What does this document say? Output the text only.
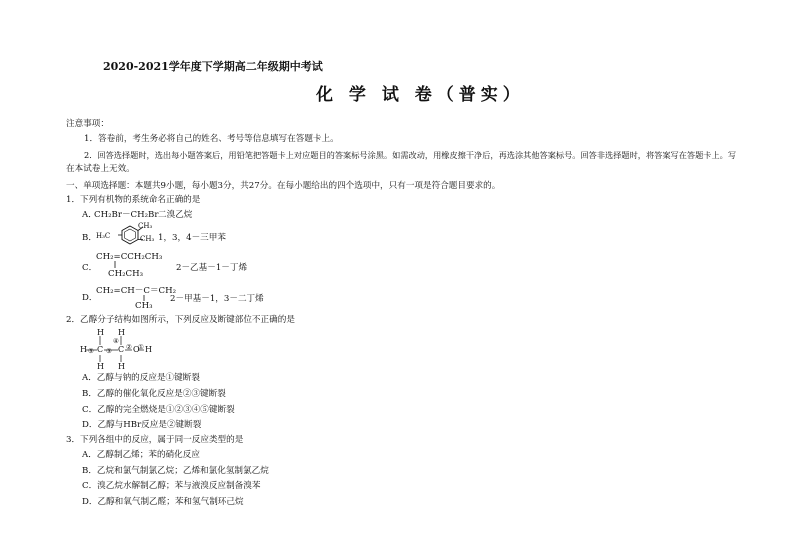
2020-2021学年度下学期高二年级期中考试
化 学 试 卷（普实）
注意事项：
1．答卷前，考生务必将自己的姓名、考号等信息填写在答题卡上。
2．回答选择题时，选出每小题答案后，用铅笔把答题卡上对应题目的答案标号涂黑。如需改动，用橡皮擦干净后，再选涂其他答案标号。回答非选择题时，将答案写在答题卡上。写
在本试卷上无效。
一、单项选择题：本题共9小题，每小题3分，共27分。在每小题给出的四个选项中，只有一项是符合题目要求的。
1．下列有机物的系统命名正确的是
A．
CH₂Br－CH₂Br 二溴乙烷
B．
CH₃
H₃C	CH₃ 1，3，4－三甲苯
C．
CH₂=CCH₂CH₃
CH₂CH₃
2－乙基－1－丁烯
D．
CH₂=CH－C＝CH₂
CH₃
2－甲基－1，3－二丁烯
2．乙醇分子结构如图所示，下列反应及断键部位不正确的是
H H
④
H ⑤ C ③ C ② O
① H
H H
A．乙醇与钠的反应是①键断裂
B．乙醇的催化氧化反应是②③键断裂
C．乙醇的完全燃烧是①②③④⑤键断裂
D．乙醇与HBr反应是②键断裂
3．下列各组中的反应，属于同一反应类型的是
A．乙醇制乙烯；苯的硝化反应
B．乙烷和氯气制氯乙烷；乙烯和氯化氢制氯乙烷
C．溴乙烷水解制乙醇；苯与液溴反应制备溴苯
D．乙醇和氧气制乙醛；苯和氢气制环己烷
